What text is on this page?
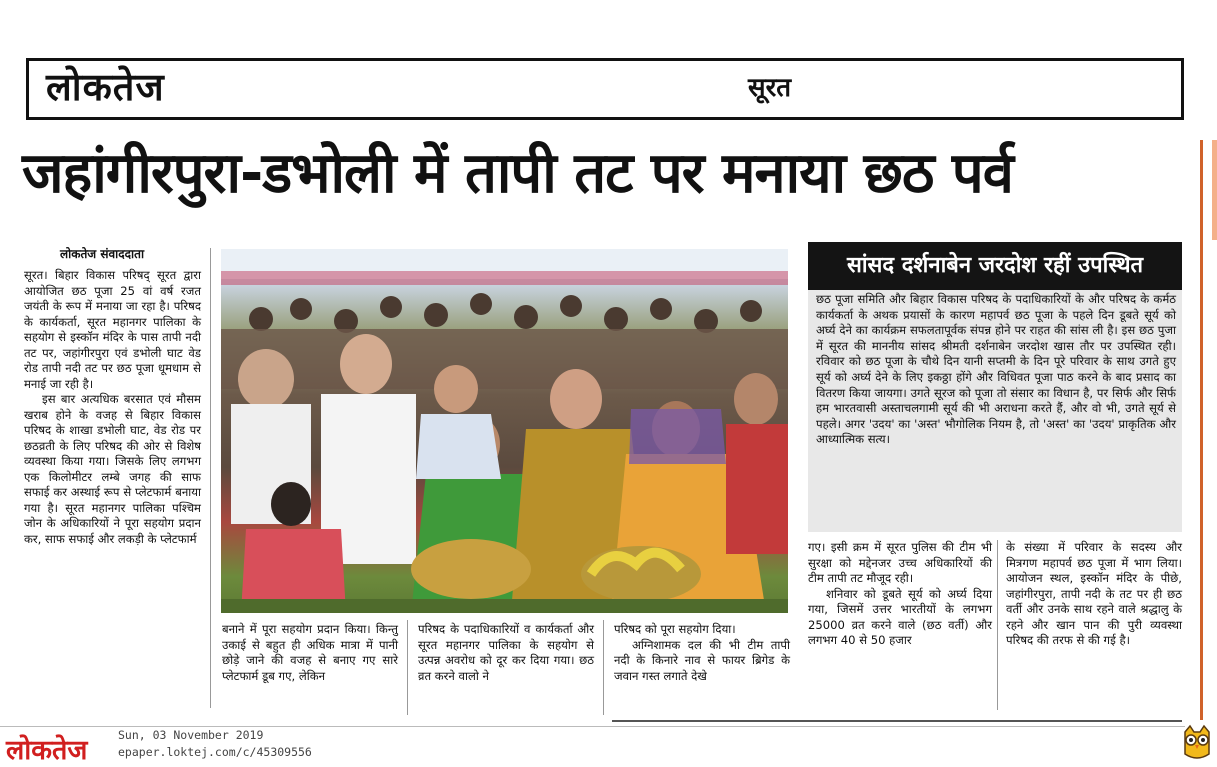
लोकतेज	सूरत
जहांगीरपुरा-डभोली में तापी तट पर मनाया छठ पर्व
लोकतेज संवाददाता

सूरत। बिहार विकास परिषद् सूरत द्वारा आयोजित छठ पूजा 25 वां वर्ष रजत जयंती के रूप में मनाया जा रहा है। परिषद के कार्यकर्ता, सूरत महानगर पालिका के सहयोग से इस्कॉन मंदिर के पास तापी नदी तट पर, जहांगीरपुरा एवं डभोली घाट वेड रोड तापी नदी तट पर छठ पूजा धूमधाम से मनाई जा रही है।

इस बार अत्यधिक बरसात एवं मौसम खराब होने के वजह से बिहार विकास परिषद के शाखा डभोली घाट, वेड रोड पर छठव्रती के लिए परिषद की ओर से विशेष व्यवस्था किया गया। जिसके लिए लगभग एक किलोमीटर लम्बे जगह की साफ सफाई कर अस्थाई रूप से प्लेटफार्म बनाया गया है। सूरत महानगर पालिका पश्चिम जोन के अधिकारियों ने पूरा सहयोग प्रदान कर, साफ सफाई और लकड़ी के प्लेटफार्म

बनाने में पूरा सहयोग प्रदान किया। किन्तु उकाई से बहुत ही अधिक मात्रा में पानी छोड़े जाने की वजह से बनाए गए सारे प्लेटफार्म डूब गए, लेकिन

परिषद के पदाधिकारियों व कार्यकर्ता और सूरत महानगर पालिका के सहयोग से उत्पन्न अवरोध को दूर कर दिया गया। छठ व्रत करने वालो ने

परिषद को पूरा सहयोग दिया।

अग्निशामक दल की भी टीम तापी नदी के किनारे नाव से फायर ब्रिगेड के जवान गस्त लगाते देखे

सांसद दर्शनाबेन जरदोश रहीं उपस्थित
छठ पूजा समिति और बिहार विकास परिषद के पदाधिकारियों के और परिषद के कर्मठ कार्यकर्ता के अथक प्रयासों के कारण महापर्व छठ पूजा के पहले दिन डूबते सूर्य को अर्घ्य देने का कार्यक्रम सफलतापूर्वक संपन्न होने पर राहत की सांस ली है। इस छठ पुजा में सूरत की माननीय सांसद श्रीमती दर्शनाबेन जरदोश खास तौर पर उपस्थित रही। रविवार को छठ पूजा के चौथे दिन यानी सप्तमी के दिन पूरे परिवार के साथ उगते हुए सूर्य को अर्घ्य देने के लिए इकठ्ठा होंगे और विधिवत पूजा पाठ करने के बाद प्रसाद का वितरण किया जायगा। उगते सूरज को पूजा तो संसार का विधान है, पर सिर्फ और सिर्फ हम भारतवासी अस्ताचलगामी सूर्य की भी अराधना करते हैं, और वो भी, उगते सूर्य से पहले। अगर 'उदय' का 'अस्त' भौगोलिक नियम है, तो 'अस्त' का 'उदय' प्राकृतिक और आध्यात्मिक सत्य।

गए। इसी क्रम में सूरत पुलिस की टीम भी सुरक्षा को मद्देनजर उच्च अधिकारियों की टीम तापी तट मौजूद रही।

शनिवार को डूबते सूर्य को अर्घ्य दिया गया, जिसमें उत्तर भारतीयों के लगभग 25000 व्रत करने वाले (छठ वर्ती) और लगभग 40 से 50 हजार

के संख्या में परिवार के सदस्य और मित्रगण महापर्व छठ पूजा में भाग लिया। आयोजन स्थल, इस्कॉन मंदिर के पीछे, जहांगीरपुरा, तापी नदी के तट पर ही छठ वर्ती और उनके साथ रहने वाले श्रद्धालु के रहने और खान पान की पुरी व्यवस्था परिषद की तरफ से की गई है।

लोकतेज	Sun, 03 November 2019
epaper.loktej.com/c/45309556
